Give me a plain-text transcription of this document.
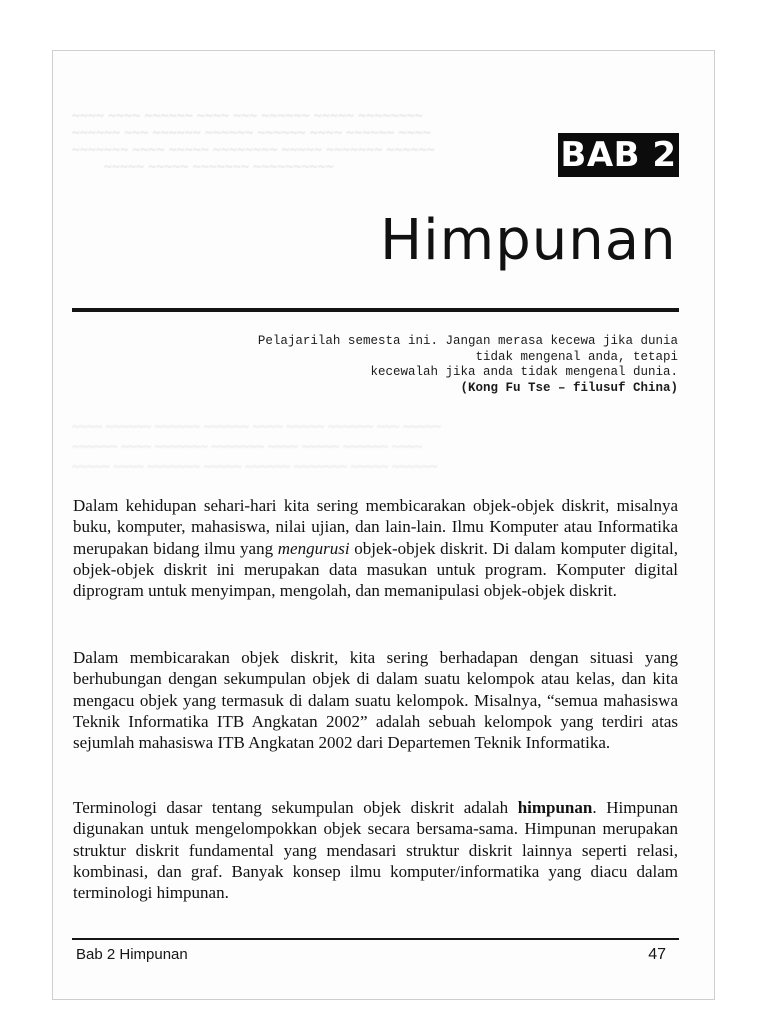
~~~~ ~~~~ ~~~~~~ ~~~~ ~~~ ~~~~~~ ~~~~~ ~~~~~~~~
~~~~~~ ~~~ ~~~~~~ ~~~~~~ ~~~~~~ ~~~~ ~~~~~~ ~~~~
~~~~~~~ ~~~~ ~~~~~ ~~~~~~~~ ~~~~~ ~~~~~~~ ~~~~~~
~~~~~ ~~~~~ ~~~~~~~ ~~~~~~~~~~
~~~~ ~~~~~~ ~~~~~~ ~~~~~~ ~~~~ ~~~~~ ~~~~~~ ~~~ ~~~~~
~~~~~~ ~~~~ ~~~~~~~ ~~~~~~~ ~~~~ ~~~~~ ~~~~~~ ~~~~
~~~~~ ~~~~ ~~~~~~~ ~~~~~ ~~~~~~ ~~~~~~~ ~~~~~ ~~~~~~
BAB 2
Himpunan
Pelajarilah semesta ini. Jangan merasa kecewa jika dunia
tidak mengenal anda, tetapi
kecewalah jika anda tidak mengenal dunia.
(Kong Fu Tse – filusuf China)

Dalam kehidupan sehari-hari kita sering membicarakan objek-objek diskrit, misalnya buku, komputer, mahasiswa, nilai ujian, dan lain-lain. Ilmu Komputer atau Informatika merupakan bidang ilmu yang mengurusi objek-objek diskrit. Di dalam komputer digital, objek-objek diskrit ini merupakan data masukan untuk program. Komputer digital diprogram untuk menyimpan, mengolah, dan memanipulasi objek-objek diskrit.

Dalam membicarakan objek diskrit, kita sering berhadapan dengan situasi yang berhubungan dengan sekumpulan objek di dalam suatu kelompok atau kelas, dan kita mengacu objek yang termasuk di dalam suatu kelompok. Misalnya, “semua mahasiswa Teknik Informatika ITB Angkatan 2002” adalah sebuah kelompok yang terdiri atas sejumlah mahasiswa ITB Angkatan 2002 dari Departemen Teknik Informatika.

Terminologi dasar tentang sekumpulan objek diskrit adalah himpunan. Himpunan digunakan untuk mengelompokkan objek secara bersama-sama. Himpunan merupakan struktur diskrit fundamental yang mendasari struktur diskrit lainnya seperti relasi, kombinasi, dan graf. Banyak konsep ilmu komputer/informatika yang diacu dalam terminologi himpunan.

Bab 2 Himpunan	47
